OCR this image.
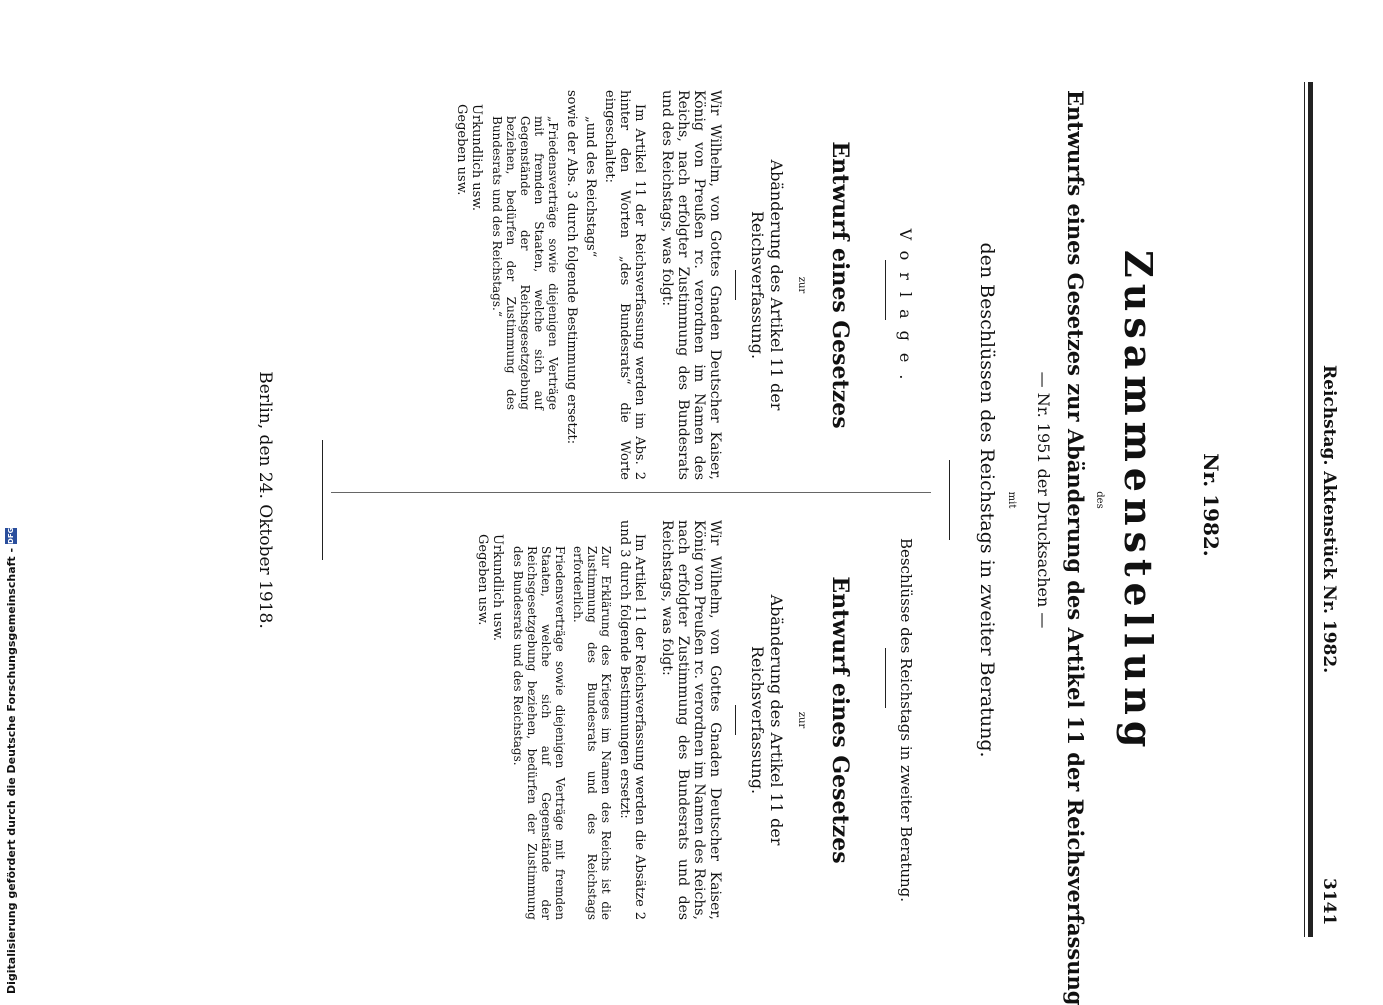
Reichstag. Aktenstück Nr. 1982.
3141
Nr. 1982.
Zusammenstellung
des
Entwurfs eines Gesetzes zur Abänderung des Artikel 11 der Reichsverfassung
— Nr. 1951 der Drucksachen —
mit
den Beschlüssen des Reichstags in zweiter Beratung.
Vorlage.
Beschlüsse des Reichstags in zweiter Beratung.

Entwurf eines Gesetzes

zur

Abänderung des Artikel 11 der Reichsverfassung.

Wir Wilhelm, von Gottes Gnaden Deutscher Kaiser, König von Preußen rc. verordnen im Namen des Reichs, nach erfolgter Zustimmung des Bundesrats und des Reichstags, was folgt:

Im Artikel 11 der Reichsverfassung werden im Abs. 2 hinter den Worten „des Bundesrats“ die Worte eingeschaltet:

„und des Reichstags“

sowie der Abs. 3 durch folgende Bestimmung ersetzt:

„Friedensverträge sowie diejenigen Verträge mit fremden Staaten, welche sich auf Gegenstände der Reichsgesetzgebung beziehen, bedürfen der Zustimmung des Bundesrats und des Reichstags.“

Urkundlich usw.

Gegeben usw.

Entwurf eines Gesetzes

zur

Abänderung des Artikel 11 der Reichsverfassung.

Wir Wilhelm, von Gottes Gnaden Deutscher Kaiser, König von Preußen rc. verordnen im Namen des Reichs, nach erfolgter Zustimmung des Bundesrats und des Reichstags, was folgt:

Im Artikel 11 der Reichsverfassung werden die Absätze 2 und 3 durch folgende Bestimmungen ersetzt:

Zur Erklärung des Krieges im Namen des Reichs ist die Zustimmung des Bundesrats und des Reichstags erforderlich.

Friedensverträge sowie diejenigen Verträge mit fremden Staaten, welche sich auf Gegenstände der Reichsgesetzgebung beziehen, bedürfen der Zustimmung des Bundesrats und des Reichstags.

Urkundlich usw.

Gegeben usw.

Berlin, den 24. Oktober 1918.
Digitalisierung gefördert durch die Deutsche Forschungsgemeinschaft -
DFG
